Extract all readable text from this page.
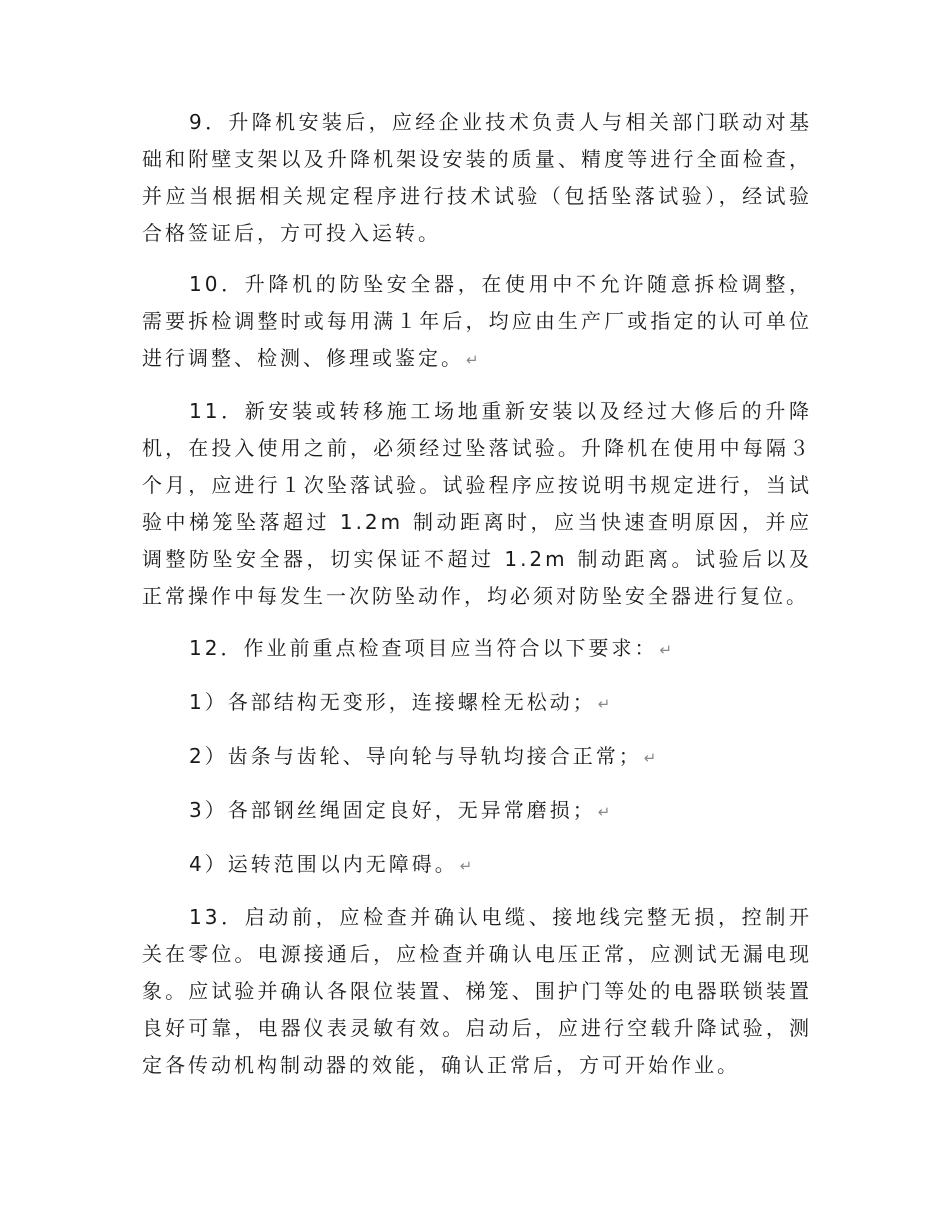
9．升降机安装后，应经企业技术负责人与相关部门联动对基础和附壁支架以及升降机架设安装的质量、精度等进行全面检查，并应当根据相关规定程序进行技术试验（包括坠落试验），经试验合格签证后，方可投入运转。

10．升降机的防坠安全器，在使用中不允许随意拆检调整，需要拆检调整时或每用满１年后，均应由生产厂或指定的认可单位进行调整、检测、修理或鉴定。 ↵

11．新安装或转移施工场地重新安装以及经过大修后的升降机，在投入使用之前，必须经过坠落试验。升降机在使用中每隔３个月，应进行１次坠落试验。试验程序应按说明书规定进行，当试验中梯笼坠落超过 1.2m 制动距离时，应当快速查明原因，并应调整防坠安全器，切实保证不超过 1.2m 制动距离。试验后以及正常操作中每发生一次防坠动作，均必须对防坠安全器进行复位。

12．作业前重点检查项目应当符合以下要求： ↵

1）各部结构无变形，连接螺栓无松动； ↵

2）齿条与齿轮、导向轮与导轨均接合正常； ↵

3）各部钢丝绳固定良好，无异常磨损； ↵

4）运转范围以内无障碍。 ↵

13．启动前，应检查并确认电缆、接地线完整无损，控制开关在零位。电源接通后，应检查并确认电压正常，应测试无漏电现象。应试验并确认各限位装置、梯笼、围护门等处的电器联锁装置良好可靠，电器仪表灵敏有效。启动后，应进行空载升降试验，测定各传动机构制动器的效能，确认正常后，方可开始作业。
